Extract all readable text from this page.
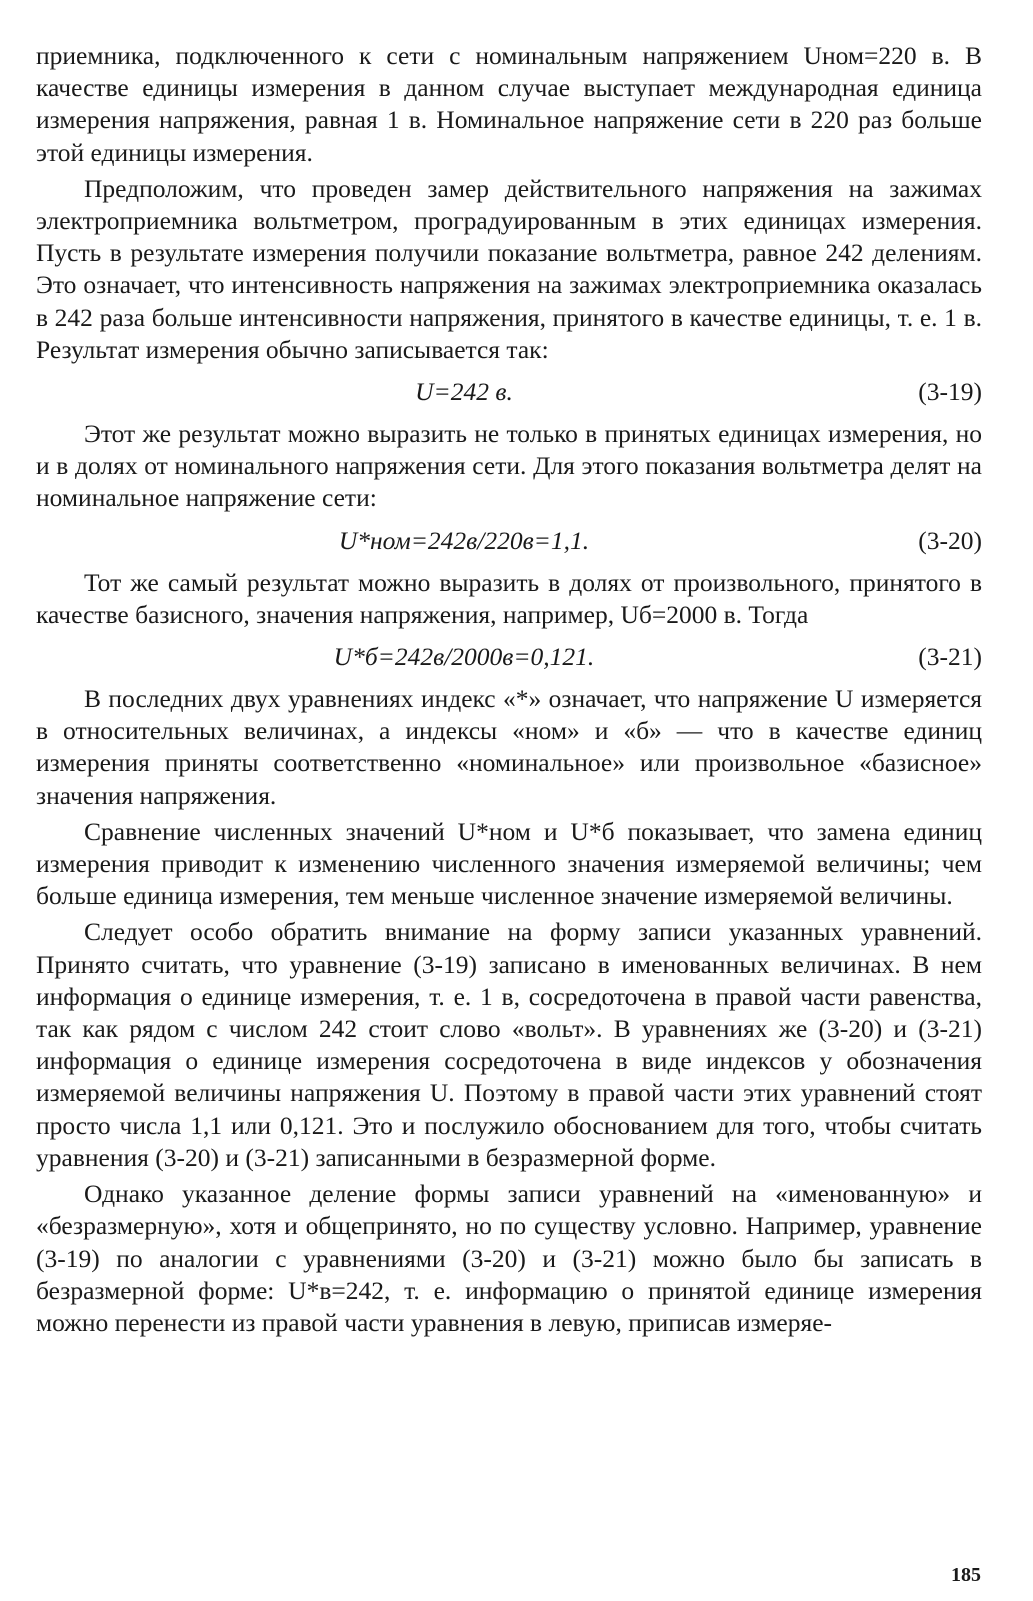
приемника, подключенного к сети с номинальным напряжением Uном=220 в. В качестве единицы измерения в данном случае выступает международная единица измерения напряжения, равная 1 в. Номинальное напряжение сети в 220 раз больше этой единицы измерения.

Предположим, что проведен замер действительного напряжения на зажимах электроприемника вольтметром, проградуированным в этих единицах измерения. Пусть в результате измерения получили показание вольтметра, равное 242 делениям. Это означает, что интенсивность напряжения на зажимах электроприемника оказалась в 242 раза больше интенсивности напряжения, принятого в качестве единицы, т. е. 1 в. Результат измерения обычно записывается так:

U=242 в.	(3-19)

Этот же результат можно выразить не только в принятых единицах измерения, но и в долях от номинального напряжения сети. Для этого показания вольтметра делят на номинальное напряжение сети:

U*ном=242в/220в=1,1.	(3-20)

Тот же самый результат можно выразить в долях от произвольного, принятого в качестве базисного, значения напряжения, например, Uб=2000 в. Тогда

U*б=242в/2000в=0,121.	(3-21)

В последних двух уравнениях индекс «*» означает, что напряжение U измеряется в относительных величинах, а индексы «ном» и «б» — что в качестве единиц измерения приняты соответственно «номинальное» или произвольное «базисное» значения напряжения.

Сравнение численных значений U*ном и U*б показывает, что замена единиц измерения приводит к изменению численного значения измеряемой величины; чем больше единица измерения, тем меньше численное значение измеряемой величины.

Следует особо обратить внимание на форму записи указанных уравнений. Принято считать, что уравнение (3-19) записано в именованных величинах. В нем информация о единице измерения, т. е. 1 в, сосредоточена в правой части равенства, так как рядом с числом 242 стоит слово «вольт». В уравнениях же (3-20) и (3-21) информация о единице измерения сосредоточена в виде индексов у обозначения измеряемой величины напряжения U. Поэтому в правой части этих уравнений стоят просто числа 1,1 или 0,121. Это и послужило обоснованием для того, чтобы считать уравнения (3-20) и (3-21) записанными в безразмерной форме.

Однако указанное деление формы записи уравнений на «именованную» и «безразмерную», хотя и общепринято, но по существу условно. Например, уравнение (3-19) по аналогии с уравнениями (3-20) и (3-21) можно было бы записать в безразмерной форме: U*в=242, т. е. информацию о принятой единице измерения можно перенести из правой части уравнения в левую, приписав измеряе-

185
